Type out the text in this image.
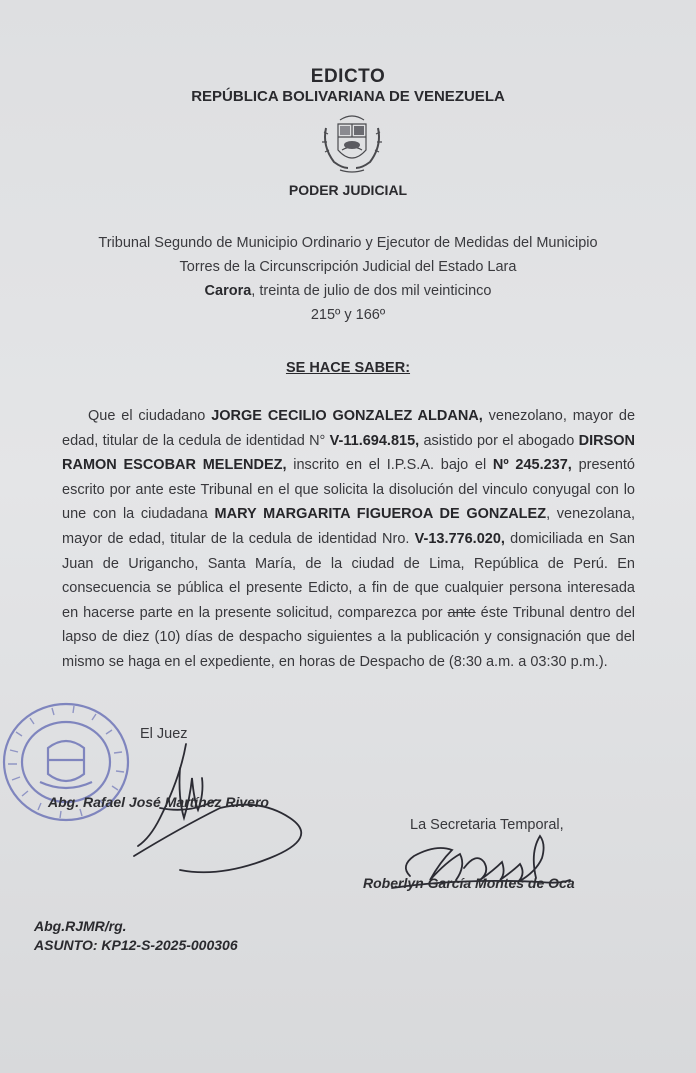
EDICTO
REPÚBLICA BOLIVARIANA DE VENEZUELA
PODER JUDICIAL
Tribunal Segundo de Municipio Ordinario y Ejecutor de Medidas del Municipio
Torres de la Circunscripción Judicial del Estado Lara
Carora, treinta de julio de dos mil veinticinco
215º y 166º
SE HACE SABER:
Que el ciudadano JORGE CECILIO GONZALEZ ALDANA, venezolano, mayor de edad, titular de la cedula de identidad N° V-11.694.815, asistido por el abogado DIRSON RAMON ESCOBAR MELENDEZ, inscrito en el I.P.S.A. bajo el Nº 245.237, presentó escrito por ante este Tribunal en el que solicita la disolución del vinculo conyugal con lo une con la ciudadana MARY MARGARITA FIGUEROA DE GONZALEZ, venezolana, mayor de edad, titular de la cedula de identidad Nro. V-13.776.020, domiciliada en San Juan de Urigancho, Santa María, de la ciudad de Lima, República de Perú. En consecuencia se pública el presente Edicto, a fin de que cualquier persona interesada en hacerse parte en la presente solicitud, comparezca por ante éste Tribunal dentro del lapso de diez (10) días de despacho siguientes a la publicación y consignación que del mismo se haga en el expediente, en horas de Despacho de (8:30 a.m. a 03:30 p.m.).
El Juez
Abg. Rafael José Martínez Rivero
La Secretaria Temporal,
Roberlyn García Montes de Oca
Abg.RJMR/rg.
ASUNTO: KP12-S-2025-000306
